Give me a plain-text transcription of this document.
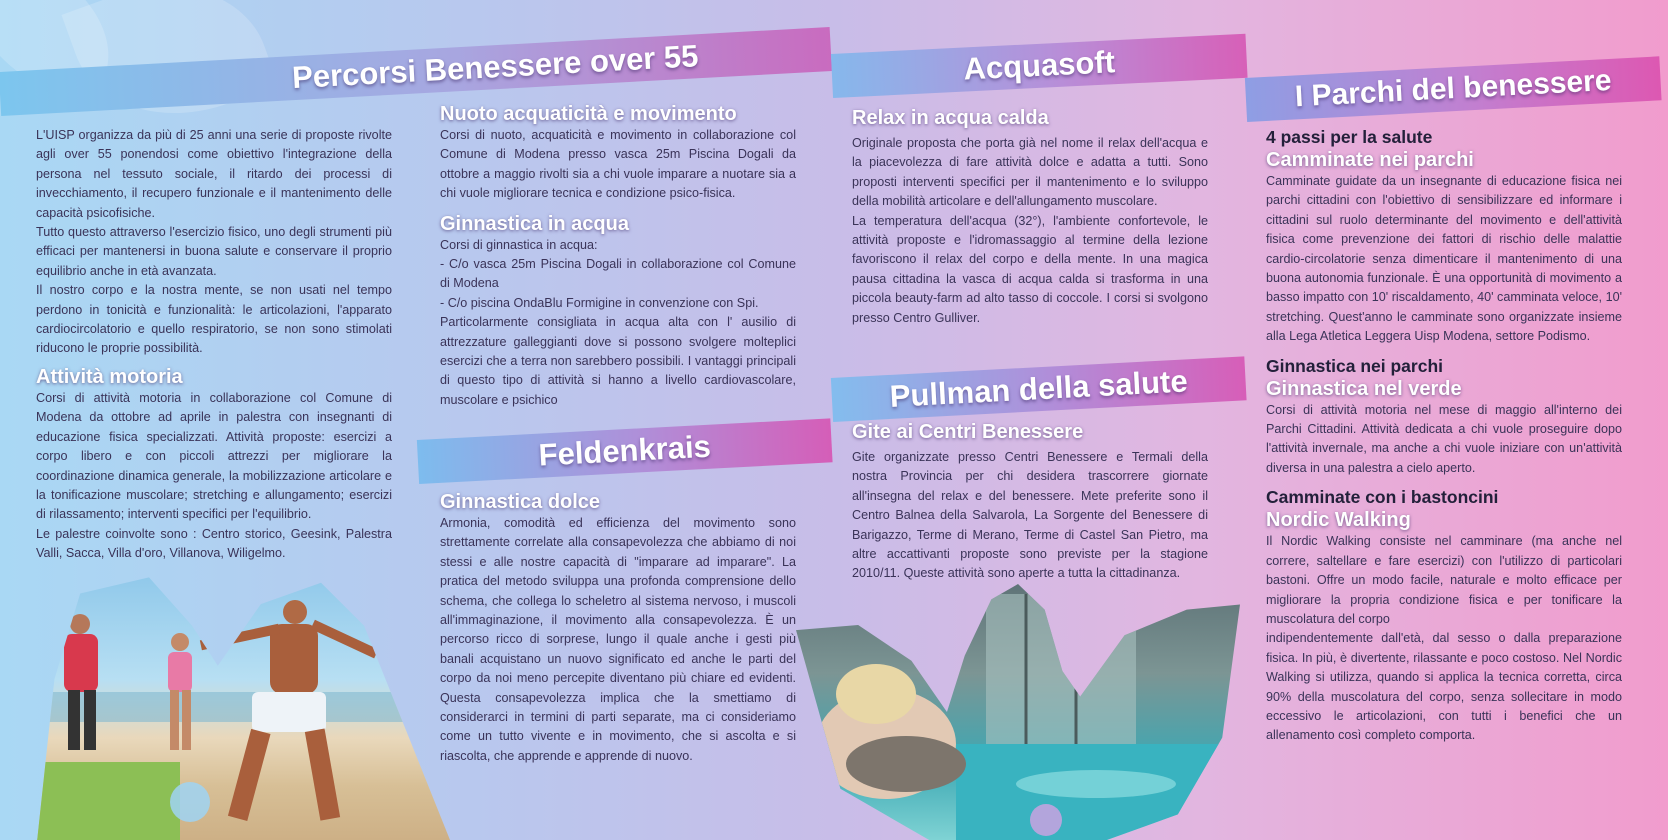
Percorsi Benessere over 55	Acquasoft	I Parchi del benessere
Feldenkrais
Pullman della salute

L'UISP organizza da più di 25 anni una serie di proposte rivolte agli over 55 ponendosi come obiettivo l'integrazione della persona nel tessuto sociale, il ritardo dei processi di invecchiamento, il recupero funzionale e il mantenimento delle capacità psicofisiche.

Tutto questo attraverso l'esercizio fisico, uno degli strumenti più efficaci per mantenersi in buona salute e conservare il proprio equilibrio anche in età avanzata.

Il nostro corpo e la nostra mente, se non usati nel tempo perdono in tonicità e funzionalità: le articolazioni, l'apparato cardiocircolatorio e quello respiratorio, se non sono stimolati riducono le proprie possibilità.

Attività motoria

Corsi di attività motoria in collaborazione col Comune di Modena da ottobre ad aprile in palestra con insegnanti di educazione fisica specializzati. Attività proposte: esercizi a corpo libero e con piccoli attrezzi per migliorare la coordinazione dinamica generale, la mobilizzazione articolare e la tonificazione muscolare; stretching e allungamento; esercizi di rilassamento; interventi specifici per l'equilibrio.

Le palestre coinvolte sono : Centro storico, Geesink, Palestra Valli, Sacca, Villa d'oro, Villanova, Wiligelmo.

Nuoto acquaticità e movimento

Corsi di nuoto, acquaticità e movimento in collaborazione col Comune di Modena presso vasca 25m Piscina Dogali da ottobre a maggio rivolti sia a chi vuole imparare a nuotare sia a chi vuole migliorare tecnica e condizione psico-fisica.

Ginnastica in acqua

Corsi di ginnastica in acqua:

- C/o vasca 25m Piscina Dogali in collaborazione col Comune di Modena

- C/o piscina OndaBlu Formigine in convenzione con Spi.

Particolarmente consigliata in acqua alta con l' ausilio di attrezzature galleggianti dove si possono svolgere molteplici esercizi che a terra non sarebbero possibili. I vantaggi principali di questo tipo di attività si hanno a livello cardiovascolare, muscolare e psichico

Ginnastica dolce

Armonia, comodità ed efficienza del movimento sono strettamente correlate alla consapevolezza che abbiamo di noi stessi e alle nostre capacità di "imparare ad imparare". La pratica del metodo sviluppa una profonda comprensione dello schema, che collega lo scheletro al sistema nervoso, i muscoli all'immaginazione, il movimento alla consapevolezza. È un percorso ricco di sorprese, lungo il quale anche i gesti più banali acquistano un nuovo significato ed anche le parti del corpo da noi meno percepite diventano più chiare ed evidenti. Questa consapevolezza implica che la smettiamo di considerarci in termini di parti separate, ma ci consideriamo come un tutto vivente e in movimento, che si ascolta e si riascolta, che apprende e apprende di nuovo.

Relax in acqua calda

Originale proposta che porta già nel nome il relax dell'acqua e la piacevolezza di fare attività dolce e adatta a tutti. Sono proposti interventi specifici per il mantenimento e lo sviluppo della mobilità articolare e dell'allungamento muscolare.

La temperatura dell'acqua (32°), l'ambiente confortevole, le attività proposte e l'idromassaggio al termine della lezione favoriscono il relax del corpo e della mente. In una magica pausa cittadina la vasca di acqua calda si trasforma in una piccola beauty-farm ad alto tasso di coccole. I corsi si svolgono presso Centro Gulliver.

Gite ai Centri Benessere

Gite organizzate presso Centri Benessere e Termali della nostra Provincia per chi desidera trascorrere giornate all'insegna del relax e del benessere. Mete preferite sono il Centro Balnea della Salvarola, La Sorgente del Benessere di Barigazzo, Terme di Merano, Terme di Castel San Pietro, ma altre accattivanti proposte sono previste per la stagione 2010/11. Queste attività sono aperte a tutta la cittadinanza.

4 passi per la salute
Camminate nei parchi

Camminate guidate da un insegnante di educazione fisica nei parchi cittadini con l'obiettivo di sensibilizzare ed informare i cittadini sul ruolo determinante del movimento e dell'attività fisica come prevenzione dei fattori di rischio delle malattie cardio-circolatorie senza dimenticare il mantenimento di una buona autonomia funzionale. È una opportunità di movimento a basso impatto con 10' riscaldamento, 40' camminata veloce, 10' stretching. Quest'anno le camminate sono organizzate insieme alla Lega Atletica Leggera Uisp Modena, settore Podismo.

Ginnastica nei parchi
Ginnastica nel verde

Corsi di attività motoria nel mese di maggio all'interno dei Parchi Cittadini. Attività dedicata a chi vuole proseguire dopo l'attività invernale, ma anche a chi vuole iniziare con un'attività diversa in una palestra a cielo aperto.

Camminate con i bastoncini
Nordic Walking

Il Nordic Walking consiste nel camminare (ma anche nel correre, saltellare e fare esercizi) con l'utilizzo di particolari bastoni. Offre un modo facile, naturale e molto efficace per migliorare la propria condizione fisica e per tonificare la muscolatura del corpo

indipendentemente dall'età, dal sesso o dalla preparazione fisica. In più, è divertente, rilassante e poco costoso. Nel Nordic Walking si utilizza, quando si applica la tecnica corretta, circa 90% della muscolatura del corpo, senza sollecitare in modo eccessivo le articolazioni, con tutti i benefici che un allenamento così completo comporta.
